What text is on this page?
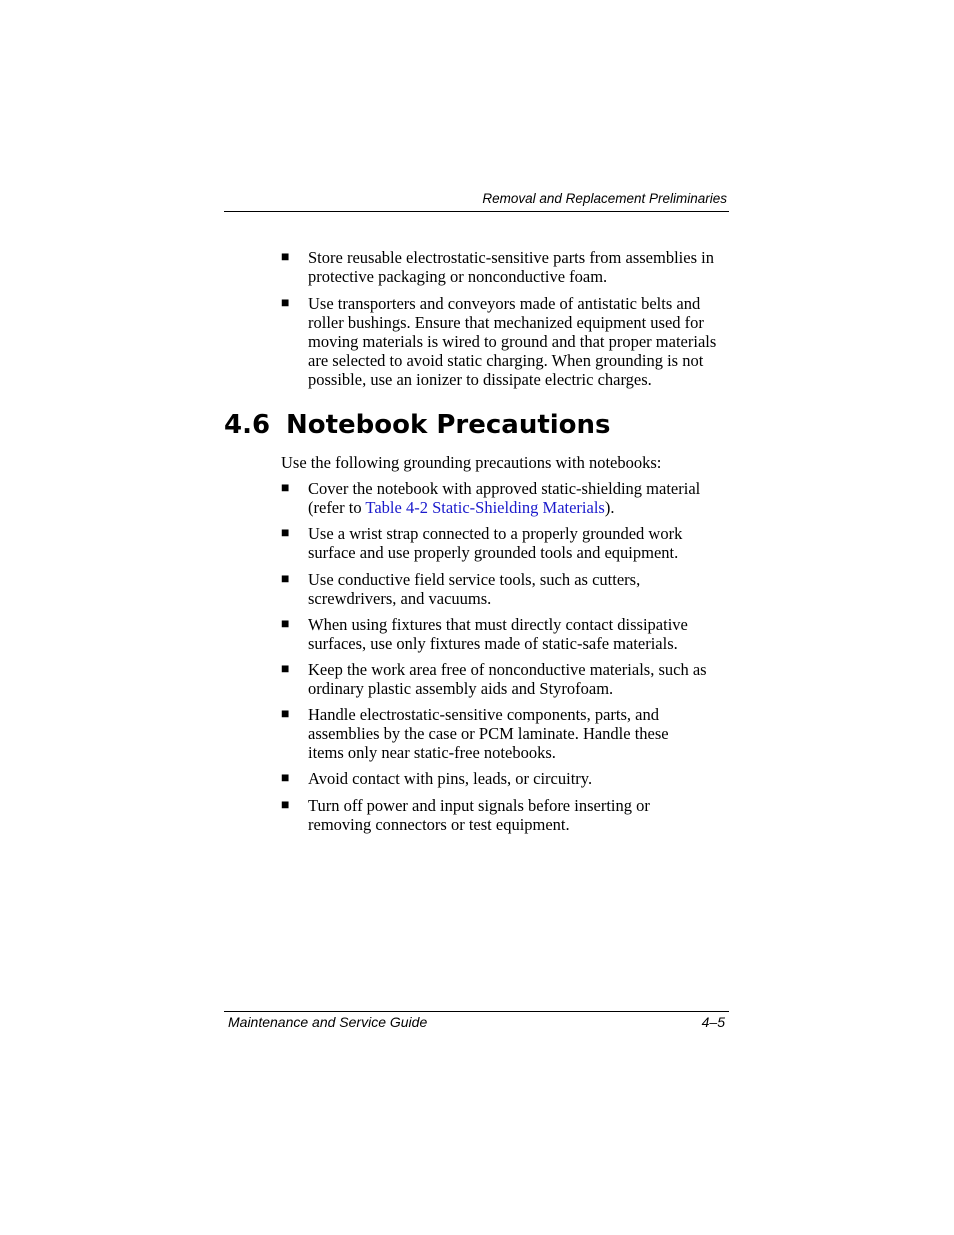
Removal and Replacement Preliminaries
■ Store reusable electrostatic-sensitive parts from assemblies in protective packaging or nonconductive foam.
■ Use transporters and conveyors made of antistatic belts and roller bushings. Ensure that mechanized equipment used for moving materials is wired to ground and that proper materials are selected to avoid static charging. When grounding is not possible, use an ionizer to dissipate electric charges.
4.6 Notebook Precautions
Use the following grounding precautions with notebooks:
■ Cover the notebook with approved static-shielding material (refer to Table 4-2 Static-Shielding Materials).
■ Use a wrist strap connected to a properly grounded work surface and use properly grounded tools and equipment.
■ Use conductive field service tools, such as cutters, screwdrivers, and vacuums.
■ When using fixtures that must directly contact dissipative surfaces, use only fixtures made of static-safe materials.
■ Keep the work area free of nonconductive materials, such as ordinary plastic assembly aids and Styrofoam.
■ Handle electrostatic-sensitive components, parts, and assemblies by the case or PCM laminate. Handle these items only near static-free notebooks.
■ Avoid contact with pins, leads, or circuitry.
■ Turn off power and input signals before inserting or removing connectors or test equipment.
Maintenance and Service Guide	4–5
